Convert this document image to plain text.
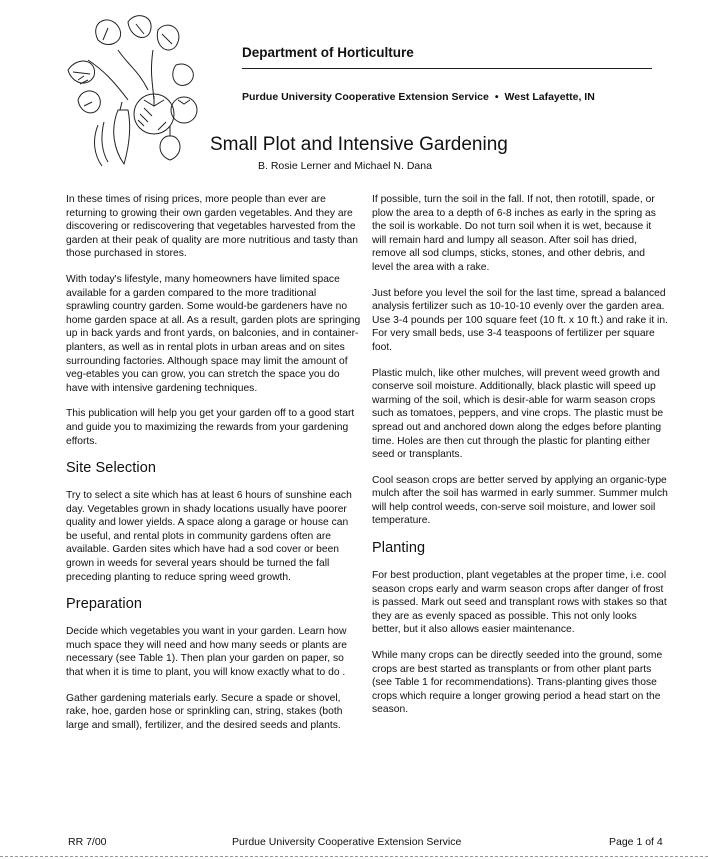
Department of Horticulture
Purdue University Cooperative Extension Service • West Lafayette, IN
Small Plot and Intensive Gardening
B. Rosie Lerner and Michael N. Dana

In these times of rising prices, more people than ever are returning to growing their own garden vegetables. And they are discovering or rediscovering that vegetables harvested from the garden at their peak of quality are more nutritious and tasty than those purchased in stores.

With today's lifestyle, many homeowners have limited space available for a garden compared to the more traditional sprawling country garden. Some would-be gardeners have no home garden space at all. As a result, garden plots are springing up in back yards and front yards, on balconies, and in container-planters, as well as in rental plots in urban areas and on sites surrounding factories. Although space may limit the amount of veg-etables you can grow, you can stretch the space you do have with intensive gardening techniques.

This publication will help you get your garden off to a good start and guide you to maximizing the rewards from your gardening efforts.

Site Selection

Try to select a site which has at least 6 hours of sunshine each day. Vegetables grown in shady locations usually have poorer quality and lower yields. A space along a garage or house can be useful, and rental plots in community gardens often are available. Garden sites which have had a sod cover or been grown in weeds for several years should be turned the fall preceding planting to reduce spring weed growth.

Preparation

Decide which vegetables you want in your garden. Learn how much space they will need and how many seeds or plants are necessary (see Table 1). Then plan your garden on paper, so that when it is time to plant, you will know exactly what to do .

Gather gardening materials early. Secure a spade or shovel, rake, hoe, garden hose or sprinkling can, string, stakes (both large and small), fertilizer, and the desired seeds and plants.

If possible, turn the soil in the fall. If not, then rototill, spade, or plow the area to a depth of 6-8 inches as early in the spring as the soil is workable. Do not turn soil when it is wet, because it will remain hard and lumpy all season. After soil has dried, remove all sod clumps, sticks, stones, and other debris, and level the area with a rake.

Just before you level the soil for the last time, spread a balanced analysis fertilizer such as 10-10-10 evenly over the garden area. Use 3-4 pounds per 100 square feet (10 ft. x 10 ft.) and rake it in. For very small beds, use 3-4 teaspoons of fertilizer per square foot.

Plastic mulch, like other mulches, will prevent weed growth and conserve soil moisture. Additionally, black plastic will speed up warming of the soil, which is desir-able for warm season crops such as tomatoes, peppers, and vine crops. The plastic must be spread out and anchored down along the edges before planting time. Holes are then cut through the plastic for planting either seed or transplants.

Cool season crops are better served by applying an organic-type mulch after the soil has warmed in early summer. Summer mulch will help control weeds, con-serve soil moisture, and lower soil temperature.

Planting

For best production, plant vegetables at the proper time, i.e. cool season crops early and warm season crops after danger of frost is passed. Mark out seed and transplant rows with stakes so that they are as evenly spaced as possible. This not only looks better, but it also allows easier maintenance.

While many crops can be directly seeded into the ground, some crops are best started as transplants or from other plant parts (see Table 1 for recommendations). Trans-planting gives those crops which require a longer growing period a head start on the season.

RR 7/00	Purdue University Cooperative Extension Service	Page 1 of 4
